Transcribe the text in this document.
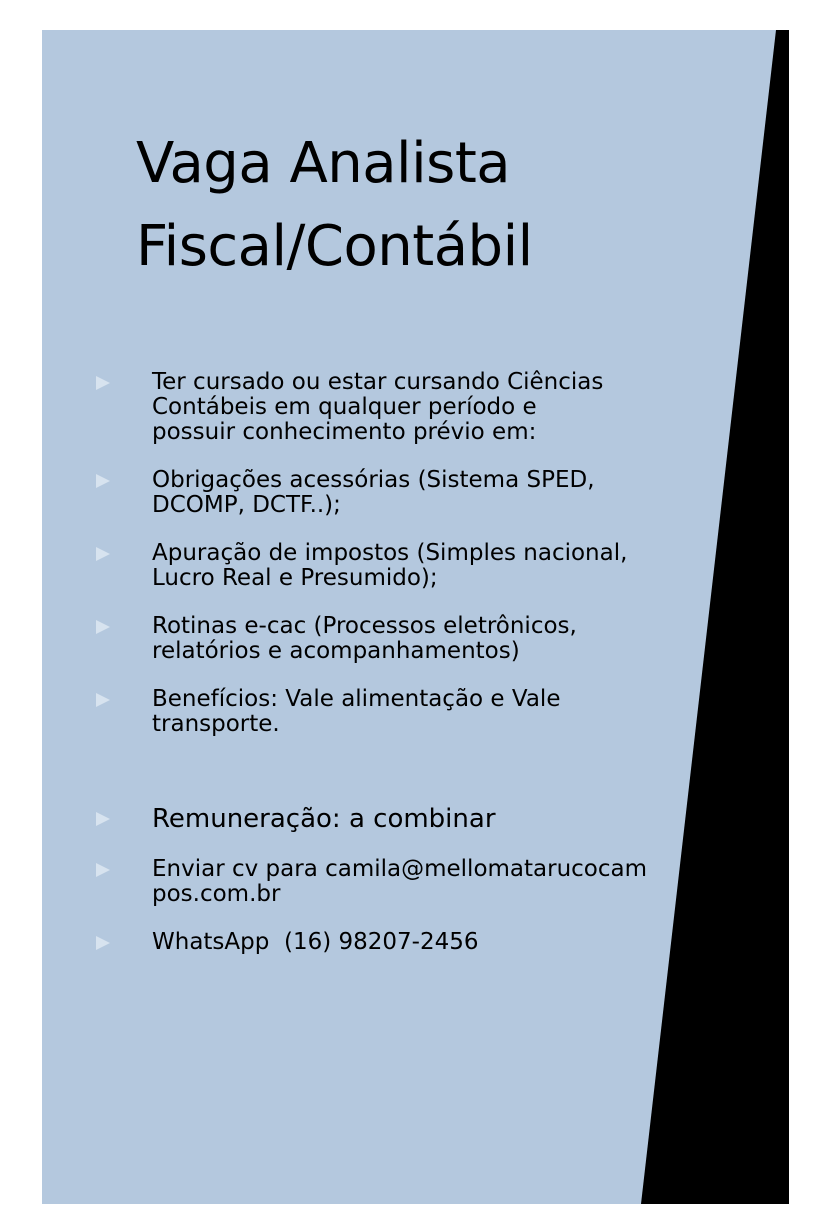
Vaga Analista
Fiscal/Contábil
Ter cursado ou estar cursando Ciências Contábeis em qualquer período e possuir conhecimento prévio em:
Obrigações acessórias (Sistema SPED, DCOMP, DCTF..);
Apuração de impostos (Simples nacional, Lucro Real e Presumido);
Rotinas e-cac (Processos eletrônicos, relatórios e acompanhamentos)
Benefícios: Vale alimentação e Vale transporte.
Remuneração: a combinar
Enviar cv para camila@mellomatarucocampos.com.br
WhatsApp  (16) 98207-2456
